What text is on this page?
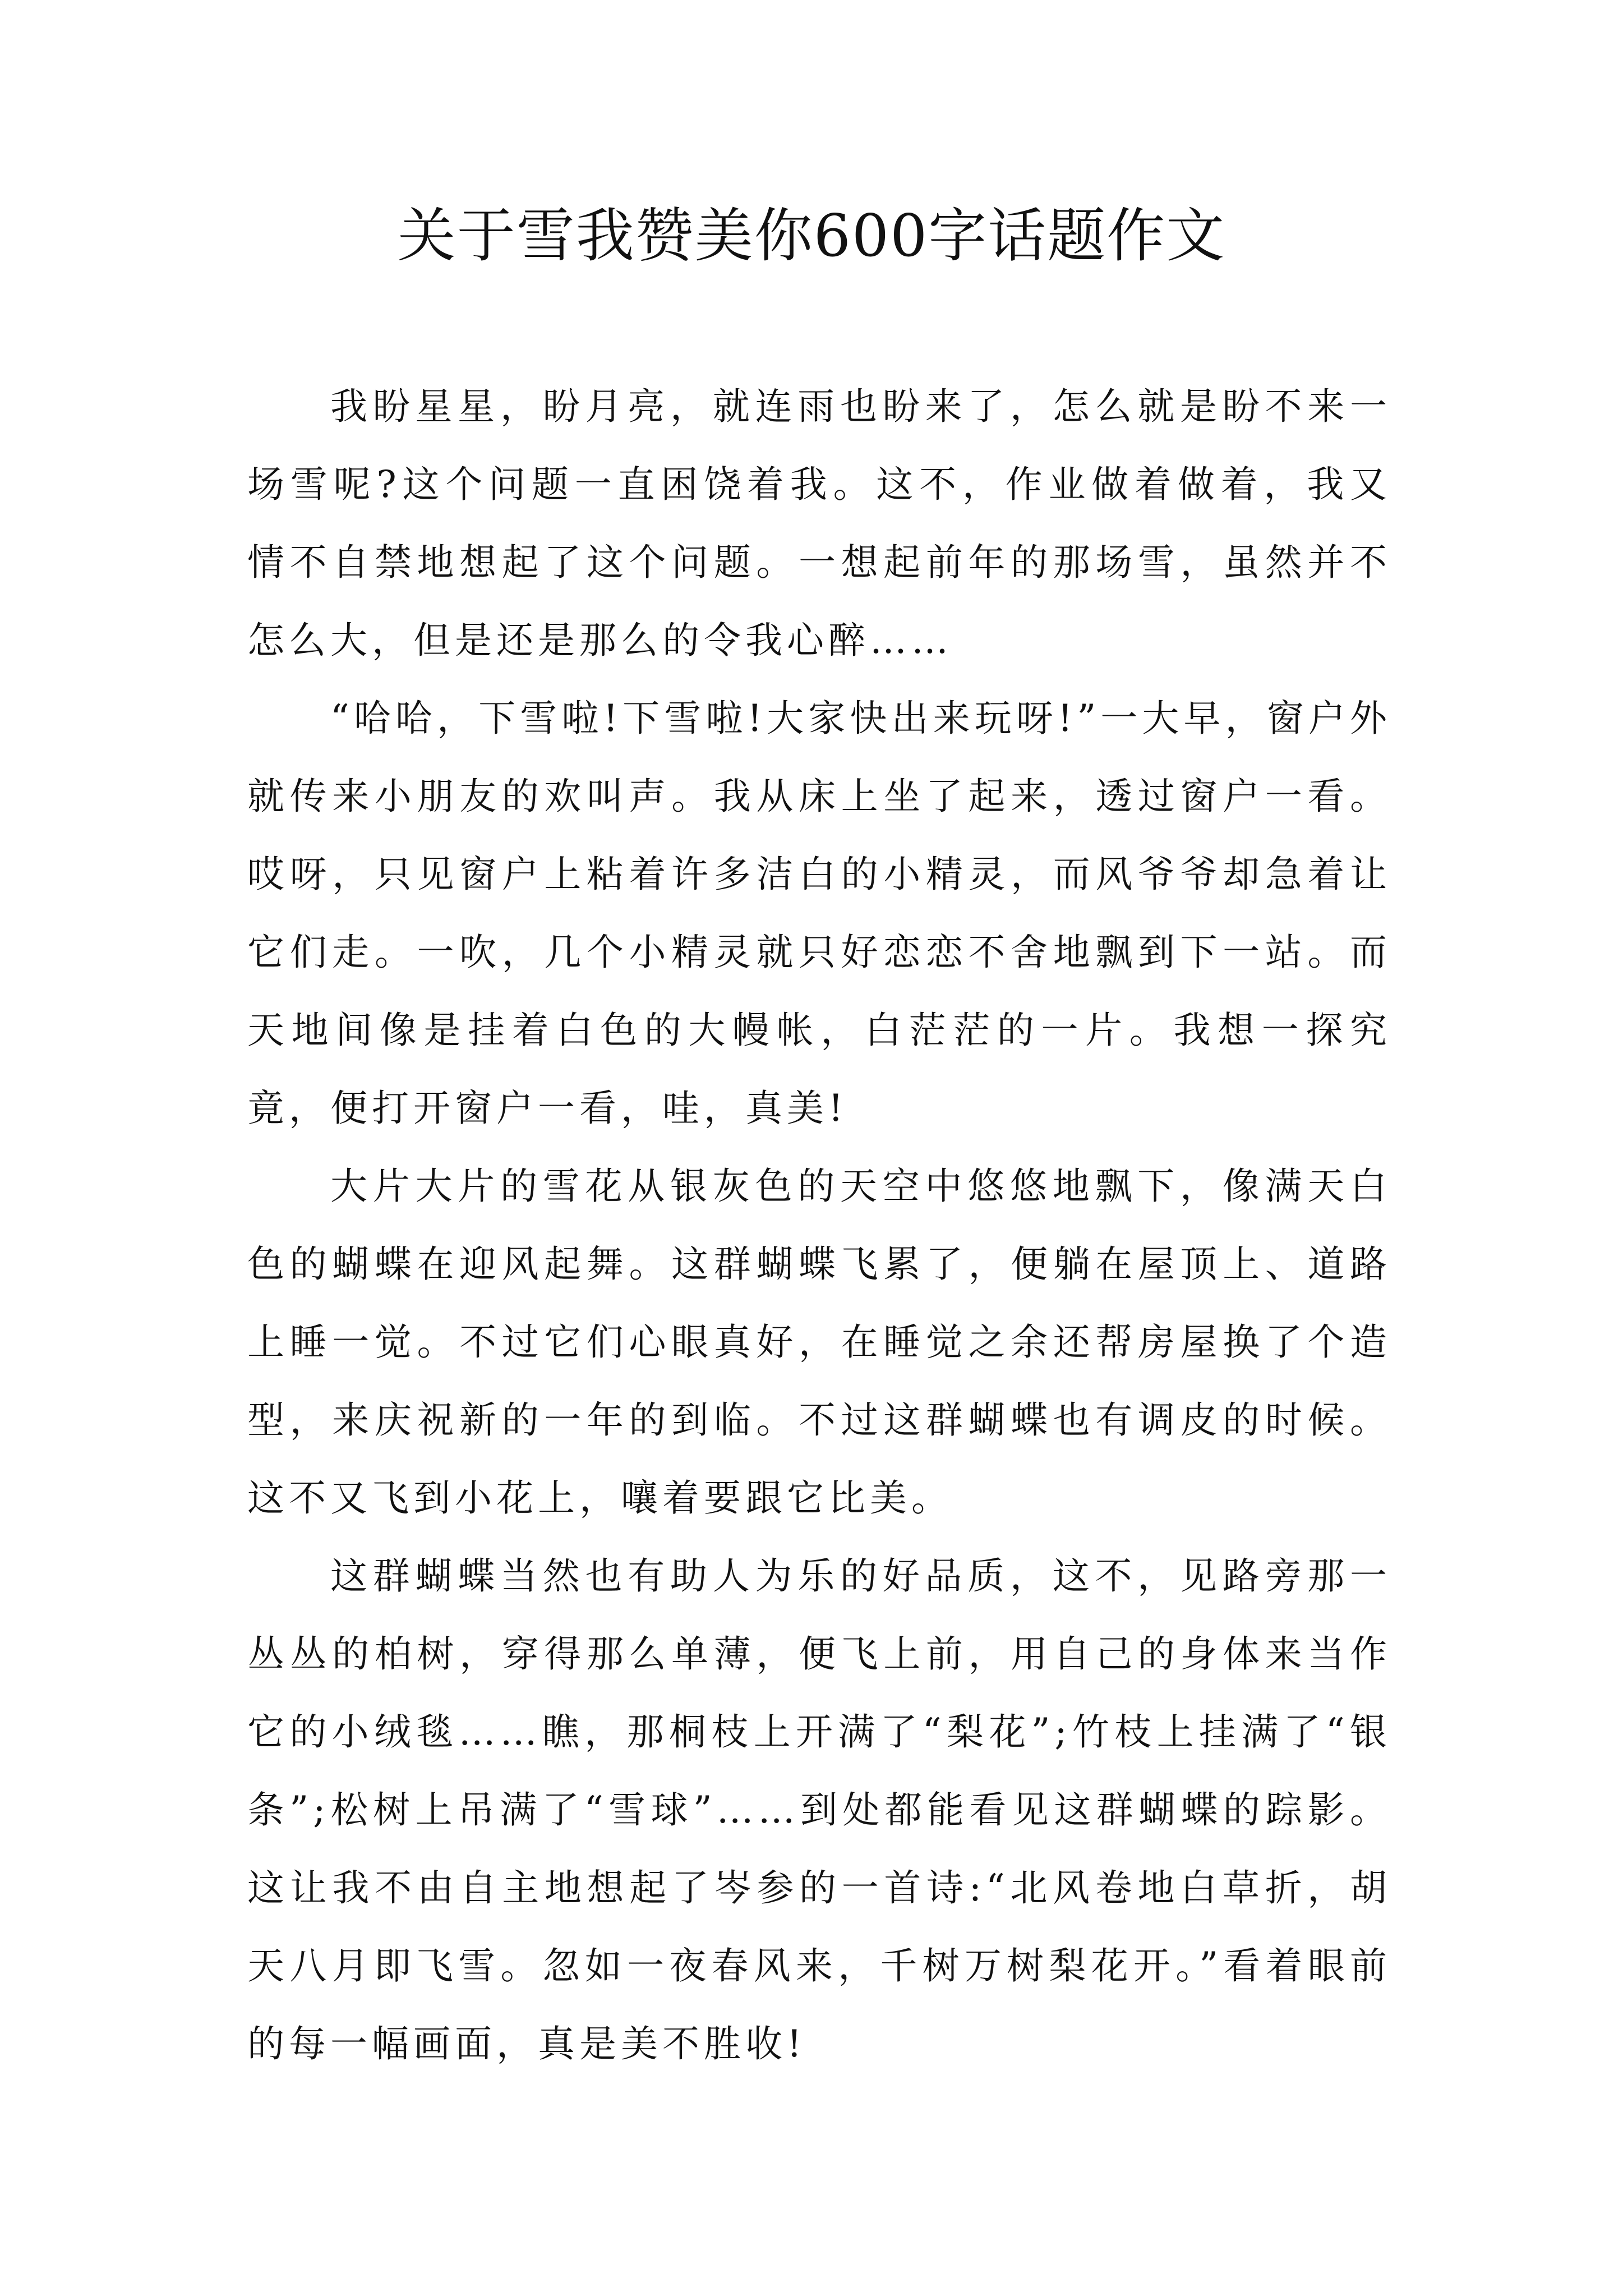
关于雪我赞美你600字话题作文

我盼星星，盼月亮，就连雨也盼来了，怎么就是盼不来一场雪呢?这个问题一直困饶着我。这不，作业做着做着，我又情不自禁地想起了这个问题。一想起前年的那场雪，虽然并不怎么大，但是还是那么的令我心醉……

“哈哈，下雪啦!下雪啦!大家快出来玩呀!”一大早，窗户外就传来小朋友的欢叫声。我从床上坐了起来，透过窗户一看。哎呀，只见窗户上粘着许多洁白的小精灵，而风爷爷却急着让它们走。一吹，几个小精灵就只好恋恋不舍地飘到下一站。而天地间像是挂着白色的大幔帐，白茫茫的一片。我想一探究竟，便打开窗户一看，哇，真美!

大片大片的雪花从银灰色的天空中悠悠地飘下，像满天白色的蝴蝶在迎风起舞。这群蝴蝶飞累了，便躺在屋顶上、道路上睡一觉。不过它们心眼真好，在睡觉之余还帮房屋换了个造型，来庆祝新的一年的到临。不过这群蝴蝶也有调皮的时候。这不又飞到小花上，嚷着要跟它比美。

这群蝴蝶当然也有助人为乐的好品质，这不，见路旁那一丛丛的柏树，穿得那么单薄，便飞上前，用自己的身体来当作它的小绒毯……瞧，那桐枝上开满了“梨花”;竹枝上挂满了“银条”;松树上吊满了“雪球”……到处都能看见这群蝴蝶的踪影。这让我不由自主地想起了岑参的一首诗:“北风卷地白草折，胡天八月即飞雪。忽如一夜春风来，千树万树梨花开。”看着眼前的每一幅画面，真是美不胜收!
